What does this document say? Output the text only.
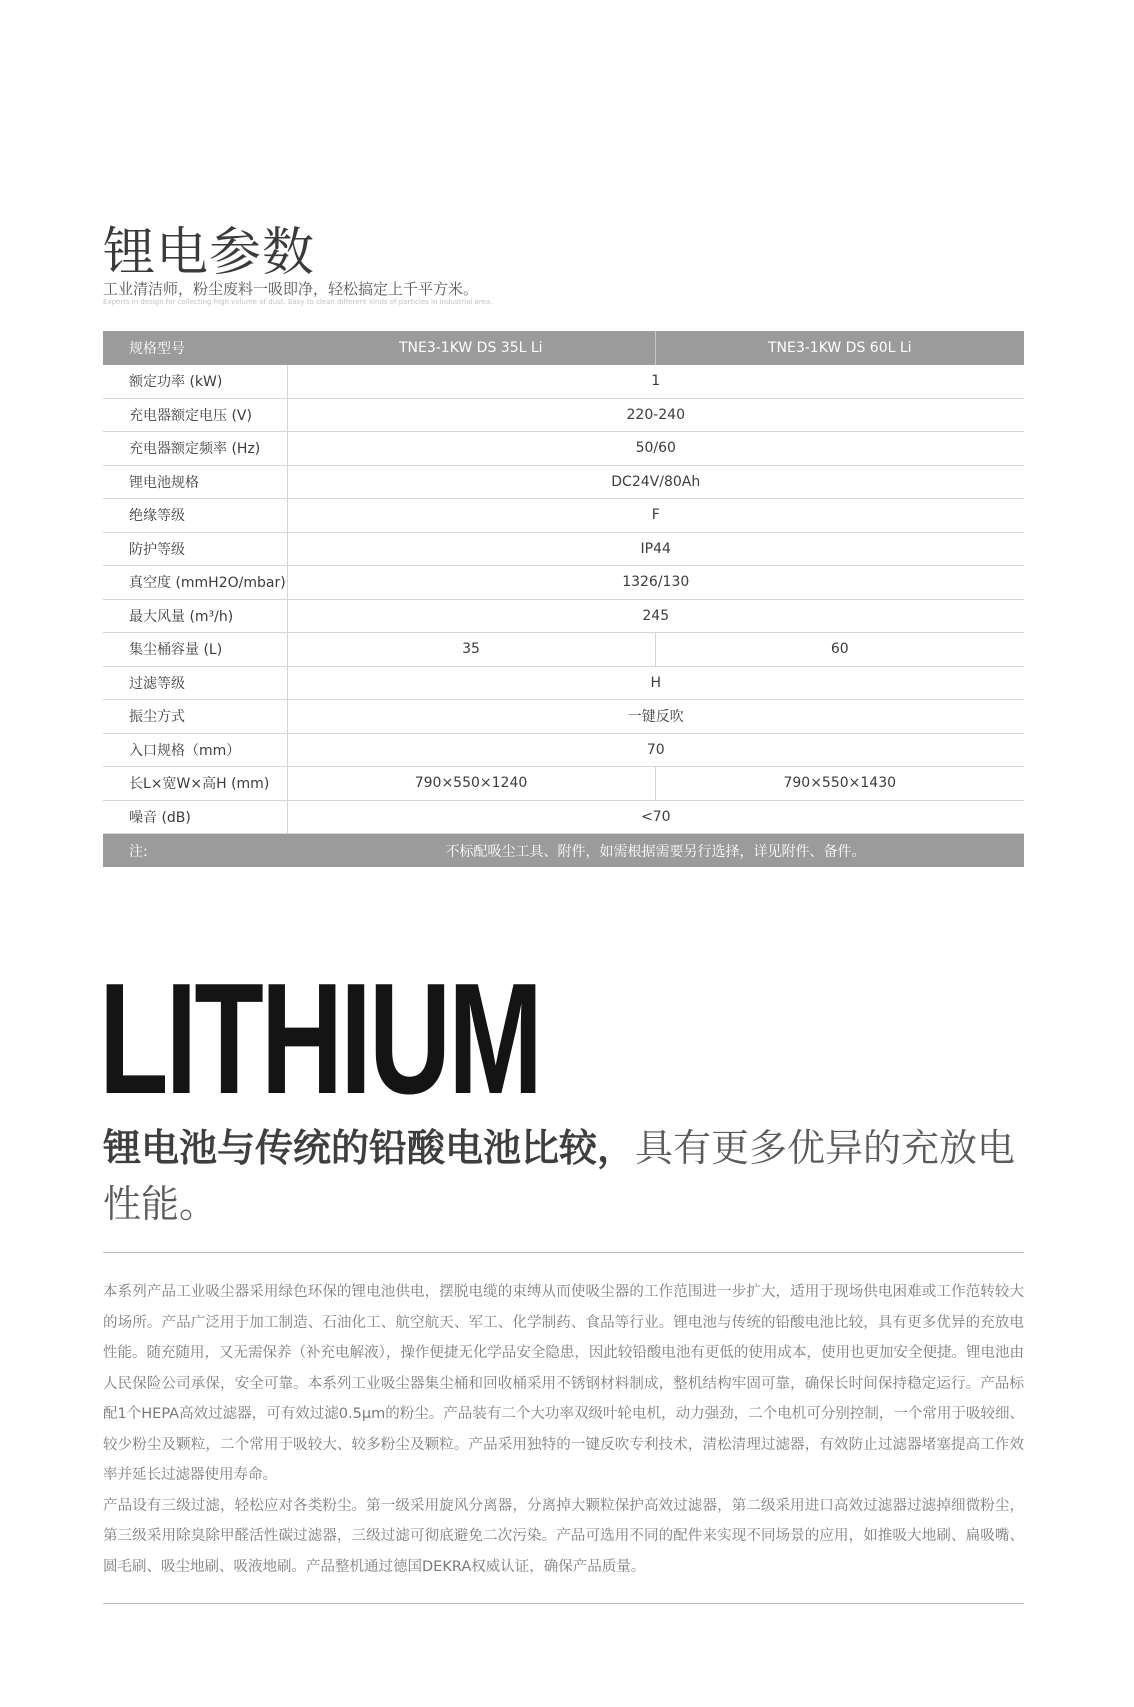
锂电参数
工业清洁师，粉尘废料一吸即净，轻松搞定上千平方米。
Experts in design for collecting high volume of dust. Easy to clean different kinds of particles in industrial area.
规格型号	TNE3-1KW DS 35L Li	TNE3-1KW DS 60L Li
额定功率 (kW)	1	
充电器额定电压 (V)	220-240	
充电器额定频率 (Hz)	50/60	
锂电池规格	DC24V/80Ah	
绝缘等级	F	
防护等级	IP44	
真空度 (mmH2O/mbar)	1326/130	
最大风量 (m³/h)	245	
集尘桶容量 (L)	35	60
过滤等级	H	
振尘方式	一键反吹	
入口规格（mm）	70	
长L×宽W×高H (mm)	790×550×1240	790×550×1430
噪音 (dB)	<70	
注:	不标配吸尘工具、附件，如需根据需要另行选择，详见附件、备件。	
LITHIUM
锂电池与传统的铅酸电池比较，具有更多优异的充放电性能。

本系列产品工业吸尘器采用绿色环保的锂电池供电，摆脱电缆的束缚从而使吸尘器的工作范围进一步扩大，适用于现场供电困难或工作范转较大的场所。产品广泛用于加工制造、石油化工、航空航天、军工、化学制药、食品等行业。锂电池与传统的铅酸电池比较，具有更多优异的充放电性能。随充随用，又无需保养（补充电解液），操作便捷无化学品安全隐患，因此较铅酸电池有更低的使用成本，使用也更加安全便捷。锂电池由人民保险公司承保，安全可靠。本系列工业吸尘器集尘桶和回收桶采用不锈钢材料制成，整机结构牢固可靠，确保长时间保持稳定运行。产品标配1个HEPA高效过滤器，可有效过滤0.5μm的粉尘。产品装有二个大功率双级叶轮电机，动力强劲，二个电机可分别控制，一个常用于吸较细、较少粉尘及颗粒，二个常用于吸较大、较多粉尘及颗粒。产品采用独特的一键反吹专利技术，清松清理过滤器，有效防止过滤器堵塞提高工作效率并延长过滤器使用寿命。

产品设有三级过滤，轻松应对各类粉尘。第一级采用旋风分离器，分离掉大颗粒保护高效过滤器，第二级采用进口高效过滤器过滤掉细微粉尘，第三级采用除臭除甲醛活性碳过滤器，三级过滤可彻底避免二次污染。产品可选用不同的配件来实现不同场景的应用，如推吸大地刷、扁吸嘴、圆毛刷、吸尘地刷、吸液地刷。产品整机通过德国DEKRA权威认证，确保产品质量。
